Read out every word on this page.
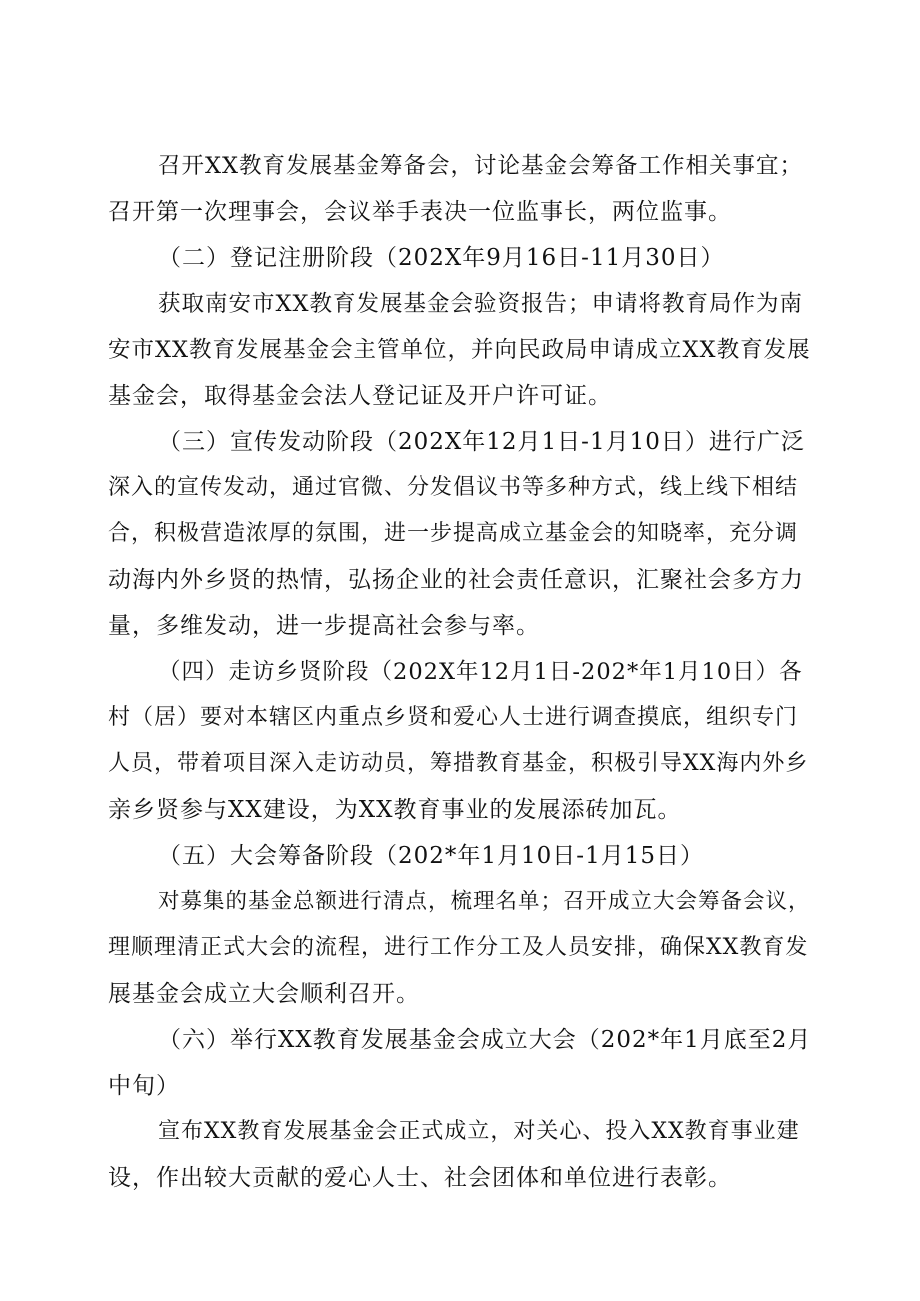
召开XX教育发展基金筹备会，讨论基金会筹备工作相关事宜；
召开第一次理事会，会议举手表决一位监事长，两位监事。
（二）登记注册阶段（202X年9月16日-11月30日）
获取南安市XX教育发展基金会验资报告；申请将教育局作为南
安市XX教育发展基金会主管单位，并向民政局申请成立XX教育发展
基金会，取得基金会法人登记证及开户许可证。
（三）宣传发动阶段（202X年12月1日-1月10日）进行广泛
深入的宣传发动，通过官微、分发倡议书等多种方式，线上线下相结
合，积极营造浓厚的氛围，进一步提高成立基金会的知晓率，充分调
动海内外乡贤的热情，弘扬企业的社会责任意识，汇聚社会多方力
量，多维发动，进一步提高社会参与率。
（四）走访乡贤阶段（202X年12月1日-202*年1月10日）各
村（居）要对本辖区内重点乡贤和爱心人士进行调查摸底，组织专门
人员，带着项目深入走访动员，筹措教育基金，积极引导XX海内外乡
亲乡贤参与XX建设，为XX教育事业的发展添砖加瓦。
（五）大会筹备阶段（202*年1月10日-1月15日）
对募集的基金总额进行清点，梳理名单；召开成立大会筹备会议，
理顺理清正式大会的流程，进行工作分工及人员安排，确保XX教育发
展基金会成立大会顺利召开。
（六）举行XX教育发展基金会成立大会（202*年1月底至2月
中旬）
宣布XX教育发展基金会正式成立，对关心、投入XX教育事业建
设，作出较大贡献的爱心人士、社会团体和单位进行表彰。
